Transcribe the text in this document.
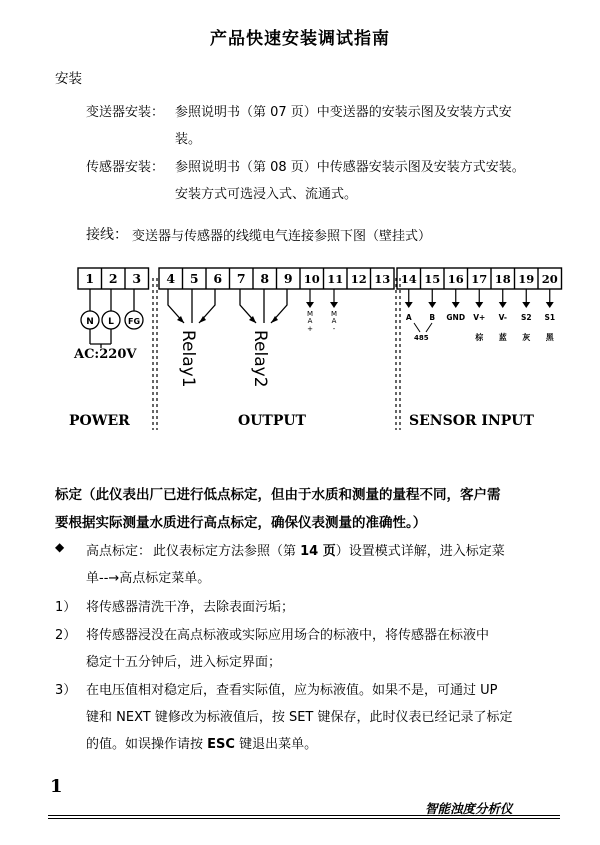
产品快速安装调试指南
安装
变送器安装： 参照说明书（第 07 页）中变送器的安装示图及安装方式安
装。
传感器安装： 参照说明书（第 08 页）中传感器安装示图及安装方式安装。
安装方式可选浸入式、流通式。
接线： 变送器与传感器的线缆电气连接参照下图（壁挂式）
1 2 3 4 5 6 7 8 9 10 11 12 13 14 15 16 17 18 19 20
N L FG
AC:220V Relay1	Relay2
M A +
M A -
A B GND V+ V- S2 S1
485	棕 蓝 灰 黑
POWER	OUTPUT	SENSOR INPUT
标定（此仪表出厂已进行低点标定，但由于水质和测量的量程不同，客户需
要根据实际测量水质进行高点标定，确保仪表测量的准确性。）
◆ 高点标定： 此仪表标定方法参照（第 14 页）设置模式详解，进入标定菜
单--→高点标定菜单。
1） 将传感器清洗干净，去除表面污垢；
2） 将传感器浸没在高点标液或实际应用场合的标液中，将传感器在标液中
稳定十五分钟后，进入标定界面；
3） 在电压值相对稳定后，查看实际值，应为标液值。如果不是，可通过 UP
键和 NEXT 键修改为标液值后，按 SET 键保存，此时仪表已经记录了标定
的值。如误操作请按 ESC 键退出菜单。
1
智能浊度分析仪
